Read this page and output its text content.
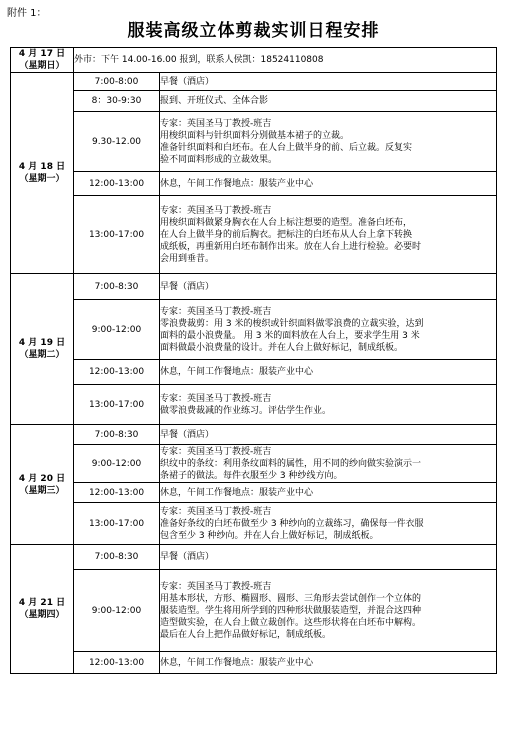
附件 1：
服装高级立体剪裁实训日程安排
4 月 17 日
（星期日）	外市：下午 14.00-16.00 报到，联系人侯凯：18524110808	

4 月 18 日
（星期一）	7:00-8:00	早餐（酒店）

	8：30-9:30	报到、开班仪式、全体合影

	9.30-12.00	专家：英国圣马丁教授-班吉
用梭织面料与针织面料分别做基本裙子的立裁。
准备针织面料和白坯布。在人台上做半身的前、后立裁。反复实
验不同面料形成的立裁效果。

	12:00-13:00	休息，午间工作餐地点：服装产业中心

	13:00-17:00	专家：英国圣马丁教授-班吉
用梭织面料做紧身胸衣在人台上标注想要的造型。准备白坯布，
在人台上做半身的前后胸衣。把标注的白坯布从人台上拿下转换
成纸板，再重新用白坯布制作出来。放在人台上进行检验。必要时
会用到垂昔。

4 月 19 日
（星期二）	7:00-8:30	早餐（酒店）

	9:00-12:00	专家：英国圣马丁教授-班吉
零浪费裁剪：用 3 米的梭织或针织面料做零浪费的立裁实验，达到
面料的最小浪费量。 用 3 米的面料放在人台上，要求学生用 3 米
面料做最小浪费量的设计。并在人台上做好标记，制成纸板。

	12:00-13:00	休息，午间工作餐地点：服装产业中心

	13:00-17:00	专家：英国圣马丁教授-班吉
做零浪费裁减的作业练习。评估学生作业。

4 月 20 日
（星期三）	7:00-8:30	早餐（酒店）

	9:00-12:00	专家：英国圣马丁教授-班吉
织纹中的条纹：利用条纹面料的属性，用不同的纱向做实验演示一
条裙子的做法。每件衣服至少 3 种纱线方向。

	12:00-13:00	休息，午间工作餐地点：服装产业中心

	13:00-17:00	专家：英国圣马丁教授-班吉
准备好条纹的白坯布做至少 3 种纱向的立裁练习，确保每一件衣服
包含至少 3 种纱向。并在人台上做好标记，制成纸板。

4 月 21 日
（星期四）	7:00-8:30	早餐（酒店）

	9:00-12:00	专家：英国圣马丁教授-班吉
用基本形状，方形、椭圆形、圆形、三角形去尝试创作一个立体的
服装造型。学生将用所学到的四种形状做服装造型，并混合这四种
造型做实验，在人台上做立裁创作。这些形状将在白坯布中解构。
最后在人台上把作品做好标记，制成纸板。

	12:00-13:00	休息，午间工作餐地点：服装产业中心
